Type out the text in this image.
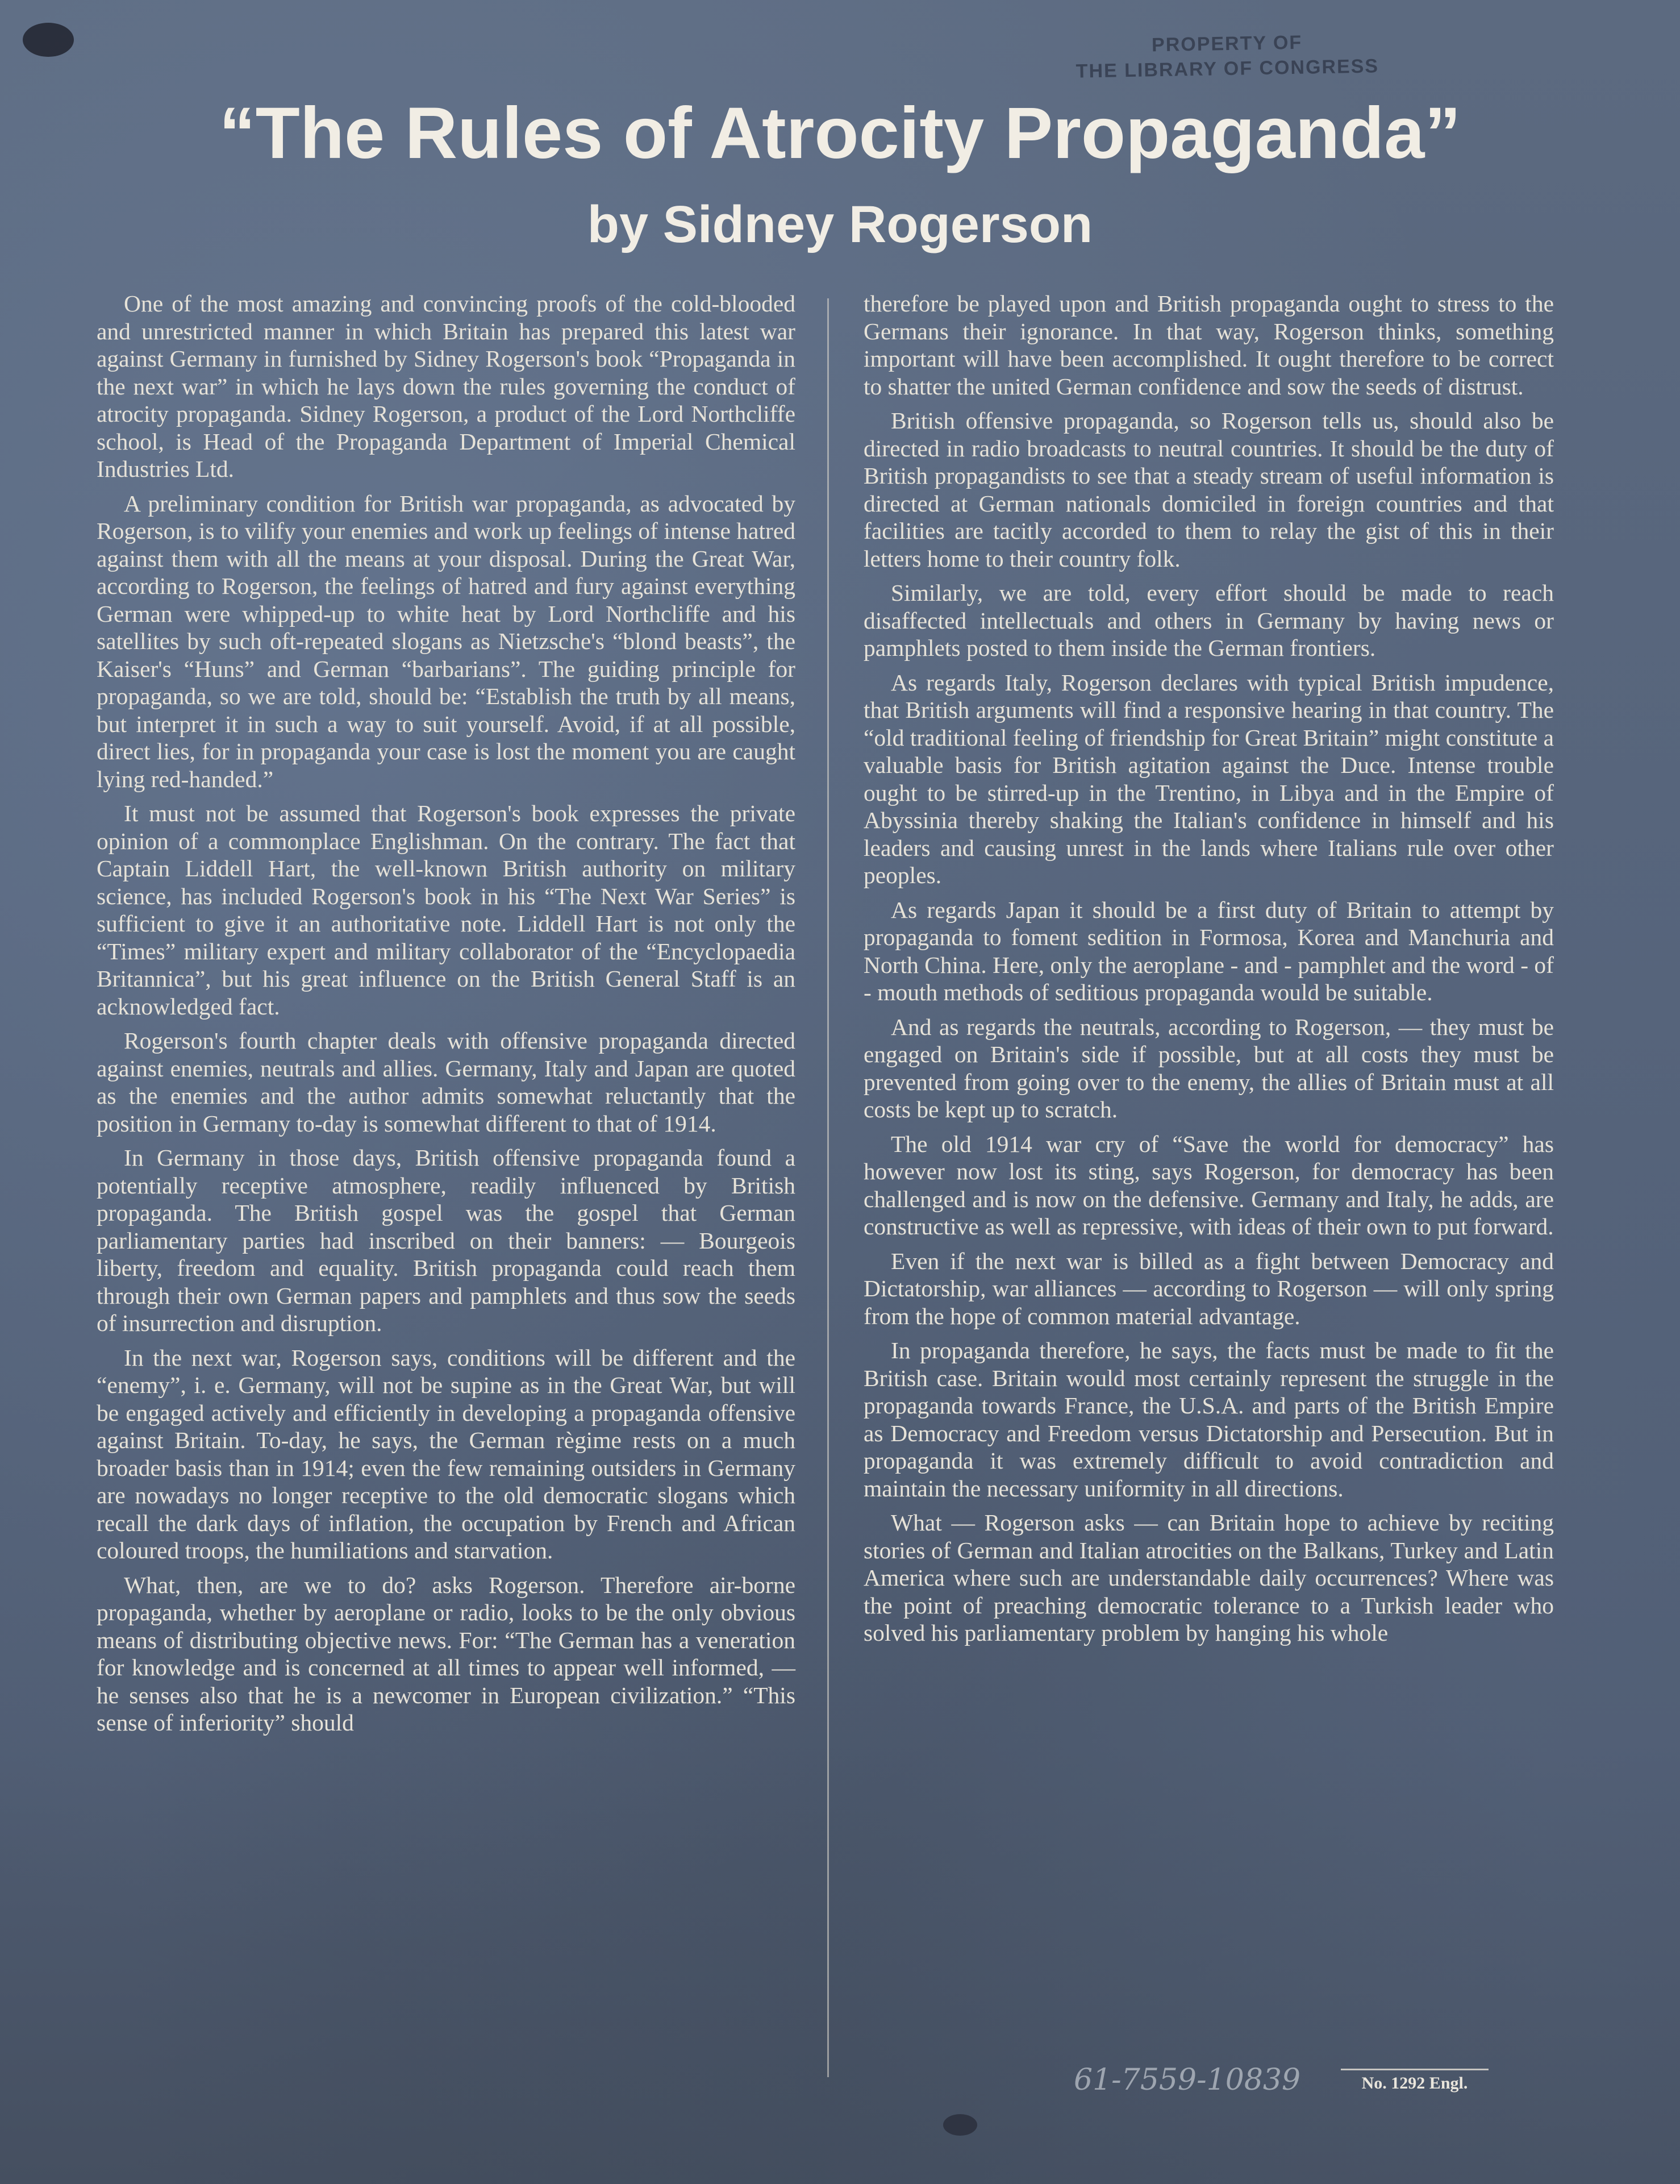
PROPERTY OF
THE LIBRARY OF CONGRESS
“The Rules of Atrocity Propaganda”
by Sidney Rogerson

One of the most amazing and convincing proofs of the cold-blooded and unrestricted manner in which Britain has prepared this latest war against Germany in furnished by Sidney Rogerson's book “Propaganda in the next war” in which he lays down the rules governing the conduct of atrocity propaganda. Sidney Rogerson, a product of the Lord Northcliffe school, is Head of the Propaganda Department of Imperial Chemical Industries Ltd.

A preliminary condition for British war propaganda, as advocated by Rogerson, is to vilify your enemies and work up feelings of intense hatred against them with all the means at your disposal. During the Great War, according to Rogerson, the feelings of hatred and fury against everything German were whipped-up to white heat by Lord Northcliffe and his satellites by such oft-repeated slogans as Nietzsche's “blond beasts”, the Kaiser's “Huns” and German “barbarians”. The guiding principle for propaganda, so we are told, should be: “Establish the truth by all means, but interpret it in such a way to suit yourself. Avoid, if at all possible, direct lies, for in propaganda your case is lost the moment you are caught lying red-handed.”

It must not be assumed that Rogerson's book expresses the private opinion of a commonplace Englishman. On the contrary. The fact that Captain Liddell Hart, the well-known British authority on military science, has included Rogerson's book in his “The Next War Series” is sufficient to give it an authoritative note. Liddell Hart is not only the “Times” military expert and military collaborator of the “Encyclopaedia Britannica”, but his great influence on the British General Staff is an acknowledged fact.

Rogerson's fourth chapter deals with offensive propaganda directed against enemies, neutrals and allies. Germany, Italy and Japan are quoted as the enemies and the author admits somewhat reluctantly that the position in Germany to-day is somewhat different to that of 1914.

In Germany in those days, British offensive propaganda found a potentially receptive atmosphere, readily influenced by British propaganda. The British gospel was the gospel that German parliamentary parties had inscribed on their banners: — Bourgeois liberty, freedom and equality. British propaganda could reach them through their own German papers and pamphlets and thus sow the seeds of insurrection and disruption.

In the next war, Rogerson says, conditions will be different and the “enemy”, i. e. Germany, will not be supine as in the Great War, but will be engaged actively and efficiently in developing a propaganda offensive against Britain. To-day, he says, the German règime rests on a much broader basis than in 1914; even the few remaining outsiders in Germany are nowadays no longer receptive to the old democratic slogans which recall the dark days of inflation, the occupation by French and African coloured troops, the humiliations and starvation.

What, then, are we to do? asks Rogerson. Therefore air-borne propaganda, whether by aeroplane or radio, looks to be the only obvious means of distributing objective news. For: “The German has a veneration for knowledge and is concerned at all times to appear well informed, — he senses also that he is a newcomer in European civilization.” “This sense of inferiority” should

therefore be played upon and British propaganda ought to stress to the Germans their ignorance. In that way, Rogerson thinks, something important will have been accomplished. It ought therefore to be correct to shatter the united German confidence and sow the seeds of distrust.

British offensive propaganda, so Rogerson tells us, should also be directed in radio broadcasts to neutral countries. It should be the duty of British propagandists to see that a steady stream of useful information is directed at German nationals domiciled in foreign countries and that facilities are tacitly accorded to them to relay the gist of this in their letters home to their country folk.

Similarly, we are told, every effort should be made to reach disaffected intellectuals and others in Germany by having news or pamphlets posted to them inside the German frontiers.

As regards Italy, Rogerson declares with typical British impudence, that British arguments will find a responsive hearing in that country. The “old traditional feeling of friendship for Great Britain” might constitute a valuable basis for British agitation against the Duce. Intense trouble ought to be stirred-up in the Trentino, in Libya and in the Empire of Abyssinia thereby shaking the Italian's confidence in himself and his leaders and causing unrest in the lands where Italians rule over other peoples.

As regards Japan it should be a first duty of Britain to attempt by propaganda to foment sedition in Formosa, Korea and Manchuria and North China. Here, only the aeroplane - and - pamphlet and the word - of - mouth methods of seditious propaganda would be suitable.

And as regards the neutrals, according to Rogerson, — they must be engaged on Britain's side if possible, but at all costs they must be prevented from going over to the enemy, the allies of Britain must at all costs be kept up to scratch.

The old 1914 war cry of “Save the world for democracy” has however now lost its sting, says Rogerson, for democracy has been challenged and is now on the defensive. Germany and Italy, he adds, are constructive as well as repressive, with ideas of their own to put forward.

Even if the next war is billed as a fight between Democracy and Dictatorship, war alliances — according to Rogerson — will only spring from the hope of common material advantage.

In propaganda therefore, he says, the facts must be made to fit the British case. Britain would most certainly represent the struggle in the propaganda towards France, the U.S.A. and parts of the British Empire as Democracy and Freedom versus Dictatorship and Persecution. But in propaganda it was extremely difficult to avoid contradiction and maintain the necessary uniformity in all directions.

What — Rogerson asks — can Britain hope to achieve by reciting stories of German and Italian atrocities on the Balkans, Turkey and Latin America where such are understandable daily occurrences? Where was the point of preaching democratic tolerance to a Turkish leader who solved his parliamentary problem by hanging his whole

61-7559-10839	No. 1292 Engl.
